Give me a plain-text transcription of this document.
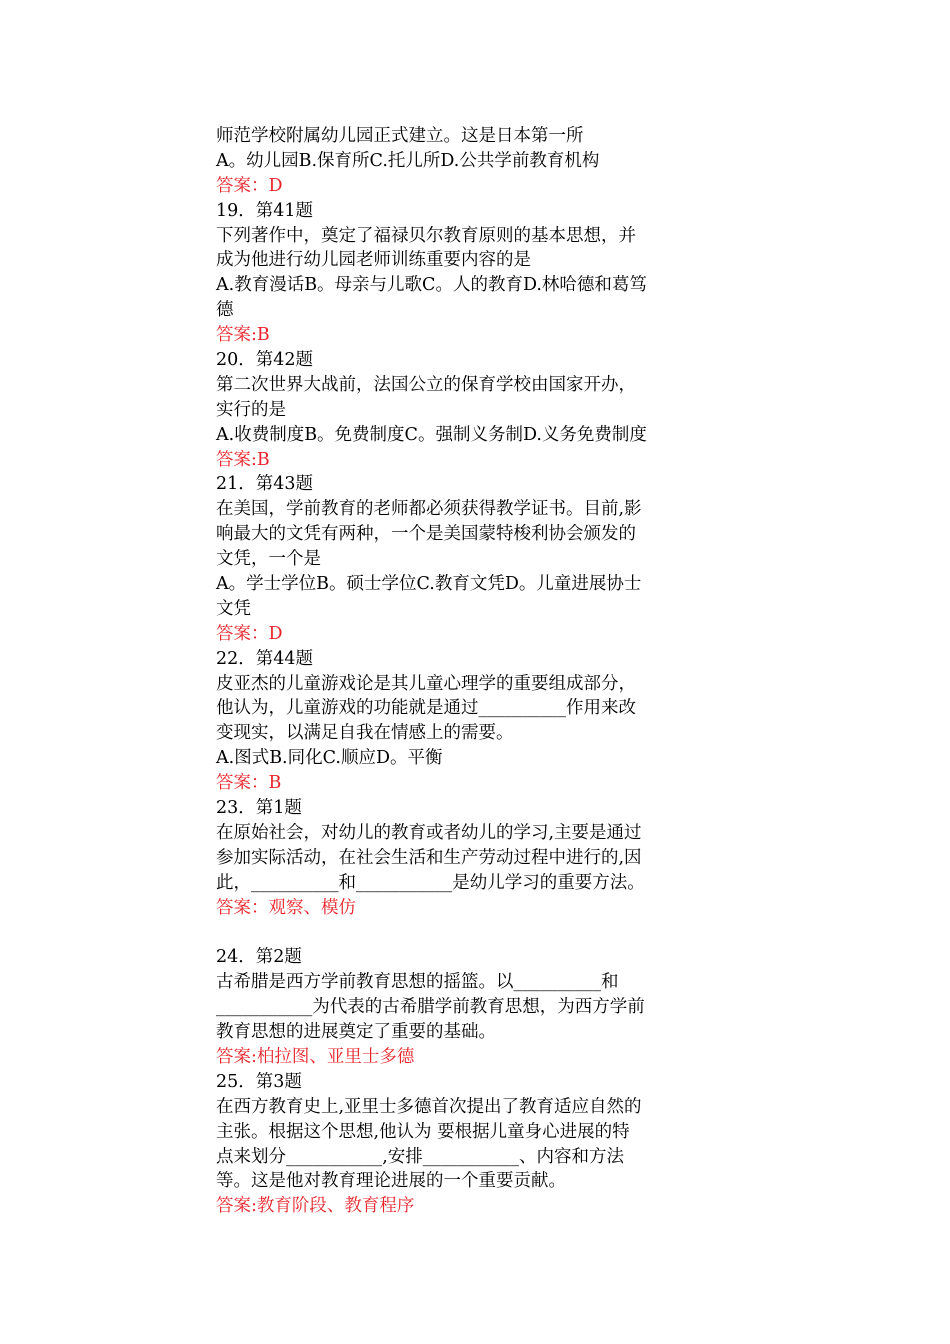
师范学校附属幼儿园正式建立。这是日本第一所
A。幼儿园B.保育所C.托儿所D.公共学前教育机构
答案：D
19．第41题
下列著作中，奠定了福禄贝尔教育原则的基本思想，并
成为他进行幼儿园老师训练重要内容的是
A.教育漫话B。母亲与儿歌C。人的教育D.林哈德和葛笃
德
答案:B
20．第42题
第二次世界大战前，法国公立的保育学校由国家开办，
实行的是
A.收费制度B。免费制度C。强制义务制D.义务免费制度
答案:B
21．第43题
在美国，学前教育的老师都必须获得教学证书。目前,影
响最大的文凭有两种，一个是美国蒙特梭利协会颁发的
文凭，一个是
A。学士学位B。硕士学位C.教育文凭D。儿童进展协士
文凭
答案：D
22．第44题
皮亚杰的儿童游戏论是其儿童心理学的重要组成部分，
他认为，儿童游戏的功能就是通过__________作用来改
变现实，以满足自我在情感上的需要。
A.图式B.同化C.顺应D。平衡
答案：B
23．第1题
在原始社会，对幼儿的教育或者幼儿的学习,主要是通过
参加实际活动，在社会生活和生产劳动过程中进行的,因
此，__________和___________是幼儿学习的重要方法。
答案：观察、模仿
24．第2题
古希腊是西方学前教育思想的摇篮。以__________和
___________为代表的古希腊学前教育思想，为西方学前
教育思想的进展奠定了重要的基础。
答案:柏拉图、亚里士多德
25．第3题
在西方教育史上,亚里士多德首次提出了教育适应自然的
主张。根据这个思想,他认为 要根据儿童身心进展的特
点来划分___________,安排___________、内容和方法
等。这是他对教育理论进展的一个重要贡献。
答案:教育阶段、教育程序
